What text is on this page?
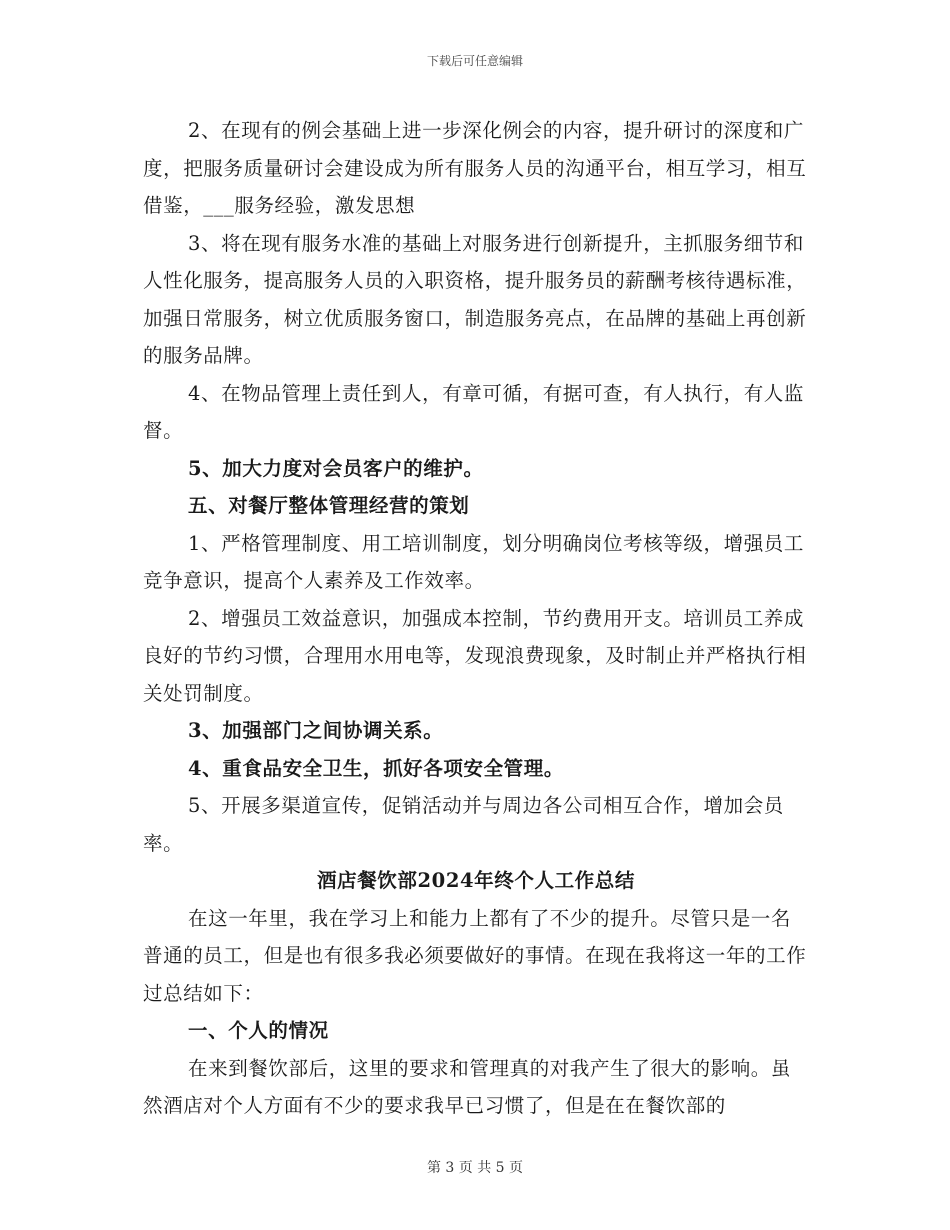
下载后可任意编辑

2、在现有的例会基础上进一步深化例会的内容，提升研讨的深度和广度，把服务质量研讨会建设成为所有服务人员的沟通平台，相互学习，相互借鉴，___服务经验，激发思想

3、将在现有服务水准的基础上对服务进行创新提升，主抓服务细节和人性化服务，提高服务人员的入职资格，提升服务员的薪酬考核待遇标准，加强日常服务，树立优质服务窗口，制造服务亮点，在品牌的基础上再创新的服务品牌。

4、在物品管理上责任到人，有章可循，有据可查，有人执行，有人监督。

5、加大力度对会员客户的维护。

五、对餐厅整体管理经营的策划

1、严格管理制度、用工培训制度，划分明确岗位考核等级，增强员工竞争意识，提高个人素养及工作效率。

2、增强员工效益意识，加强成本控制，节约费用开支。培训员工养成良好的节约习惯，合理用水用电等，发现浪费现象，及时制止并严格执行相关处罚制度。

3、加强部门之间协调关系。

4、重食品安全卫生，抓好各项安全管理。

5、开展多渠道宣传，促销活动并与周边各公司相互合作，增加会员率。

酒店餐饮部2024年终个人工作总结

在这一年里，我在学习上和能力上都有了不少的提升。尽管只是一名普通的员工，但是也有很多我必须要做好的事情。在现在我将这一年的工作过总结如下：

一、个人的情况

在来到餐饮部后，这里的要求和管理真的对我产生了很大的影响。虽然酒店对个人方面有不少的要求我早已习惯了，但是在在餐饮部的

第 3 页 共 5 页
